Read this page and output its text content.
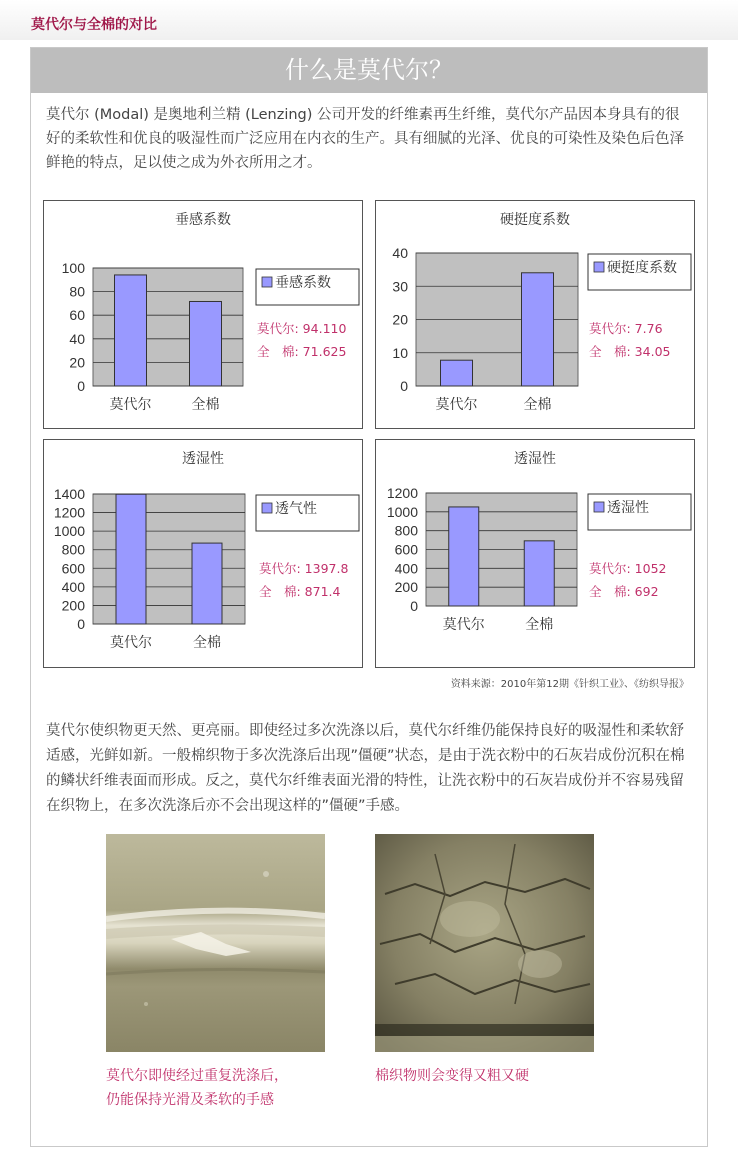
莫代尔与全棉的对比
什么是莫代尔？

莫代尔 (Modal) 是奥地利兰精 (Lenzing) 公司开发的纤维素再生纤维，莫代尔产品因本身具有的很好的柔软性和优良的吸湿性而广泛应用在内衣的生产。具有细腻的光泽、优良的可染性及染色后色泽鲜艳的特点，足以使之成为外衣所用之才。

垂感系数
0
20
40
60
80
100
莫代尔	全棉
垂感系数
莫代尔: 94.110
全　棉: 71.625
硬挺度系数
0
10
20
30
40
莫代尔	全棉
硬挺度系数
莫代尔: 7.76
全　棉: 34.05
透湿性
0
200
400
600
800
1000
1200
1400
莫代尔	全棉
透气性
莫代尔: 1397.8
全　棉: 871.4
透湿性
0
200
400
600
800
1000
1200
莫代尔	全棉
透湿性
莫代尔: 1052
全　棉: 692
资料来源：2010年第12期《针织工业》、《纺织导报》

莫代尔使织物更天然、更亮丽。即使经过多次洗涤以后，莫代尔纤维仍能保持良好的吸湿性和柔软舒适感，光鲜如新。一般棉织物于多次洗涤后出现”僵硬”状态，是由于洗衣粉中的石灰岩成份沉积在棉的鳞状纤维表面而形成。反之，莫代尔纤维表面光滑的特性，让洗衣粉中的石灰岩成份并不容易残留在织物上，在多次洗涤后亦不会出现这样的”僵硬”手感。

莫代尔即使经过重复洗涤后，
仍能保持光滑及柔软的手感
棉织物则会变得又粗又硬
